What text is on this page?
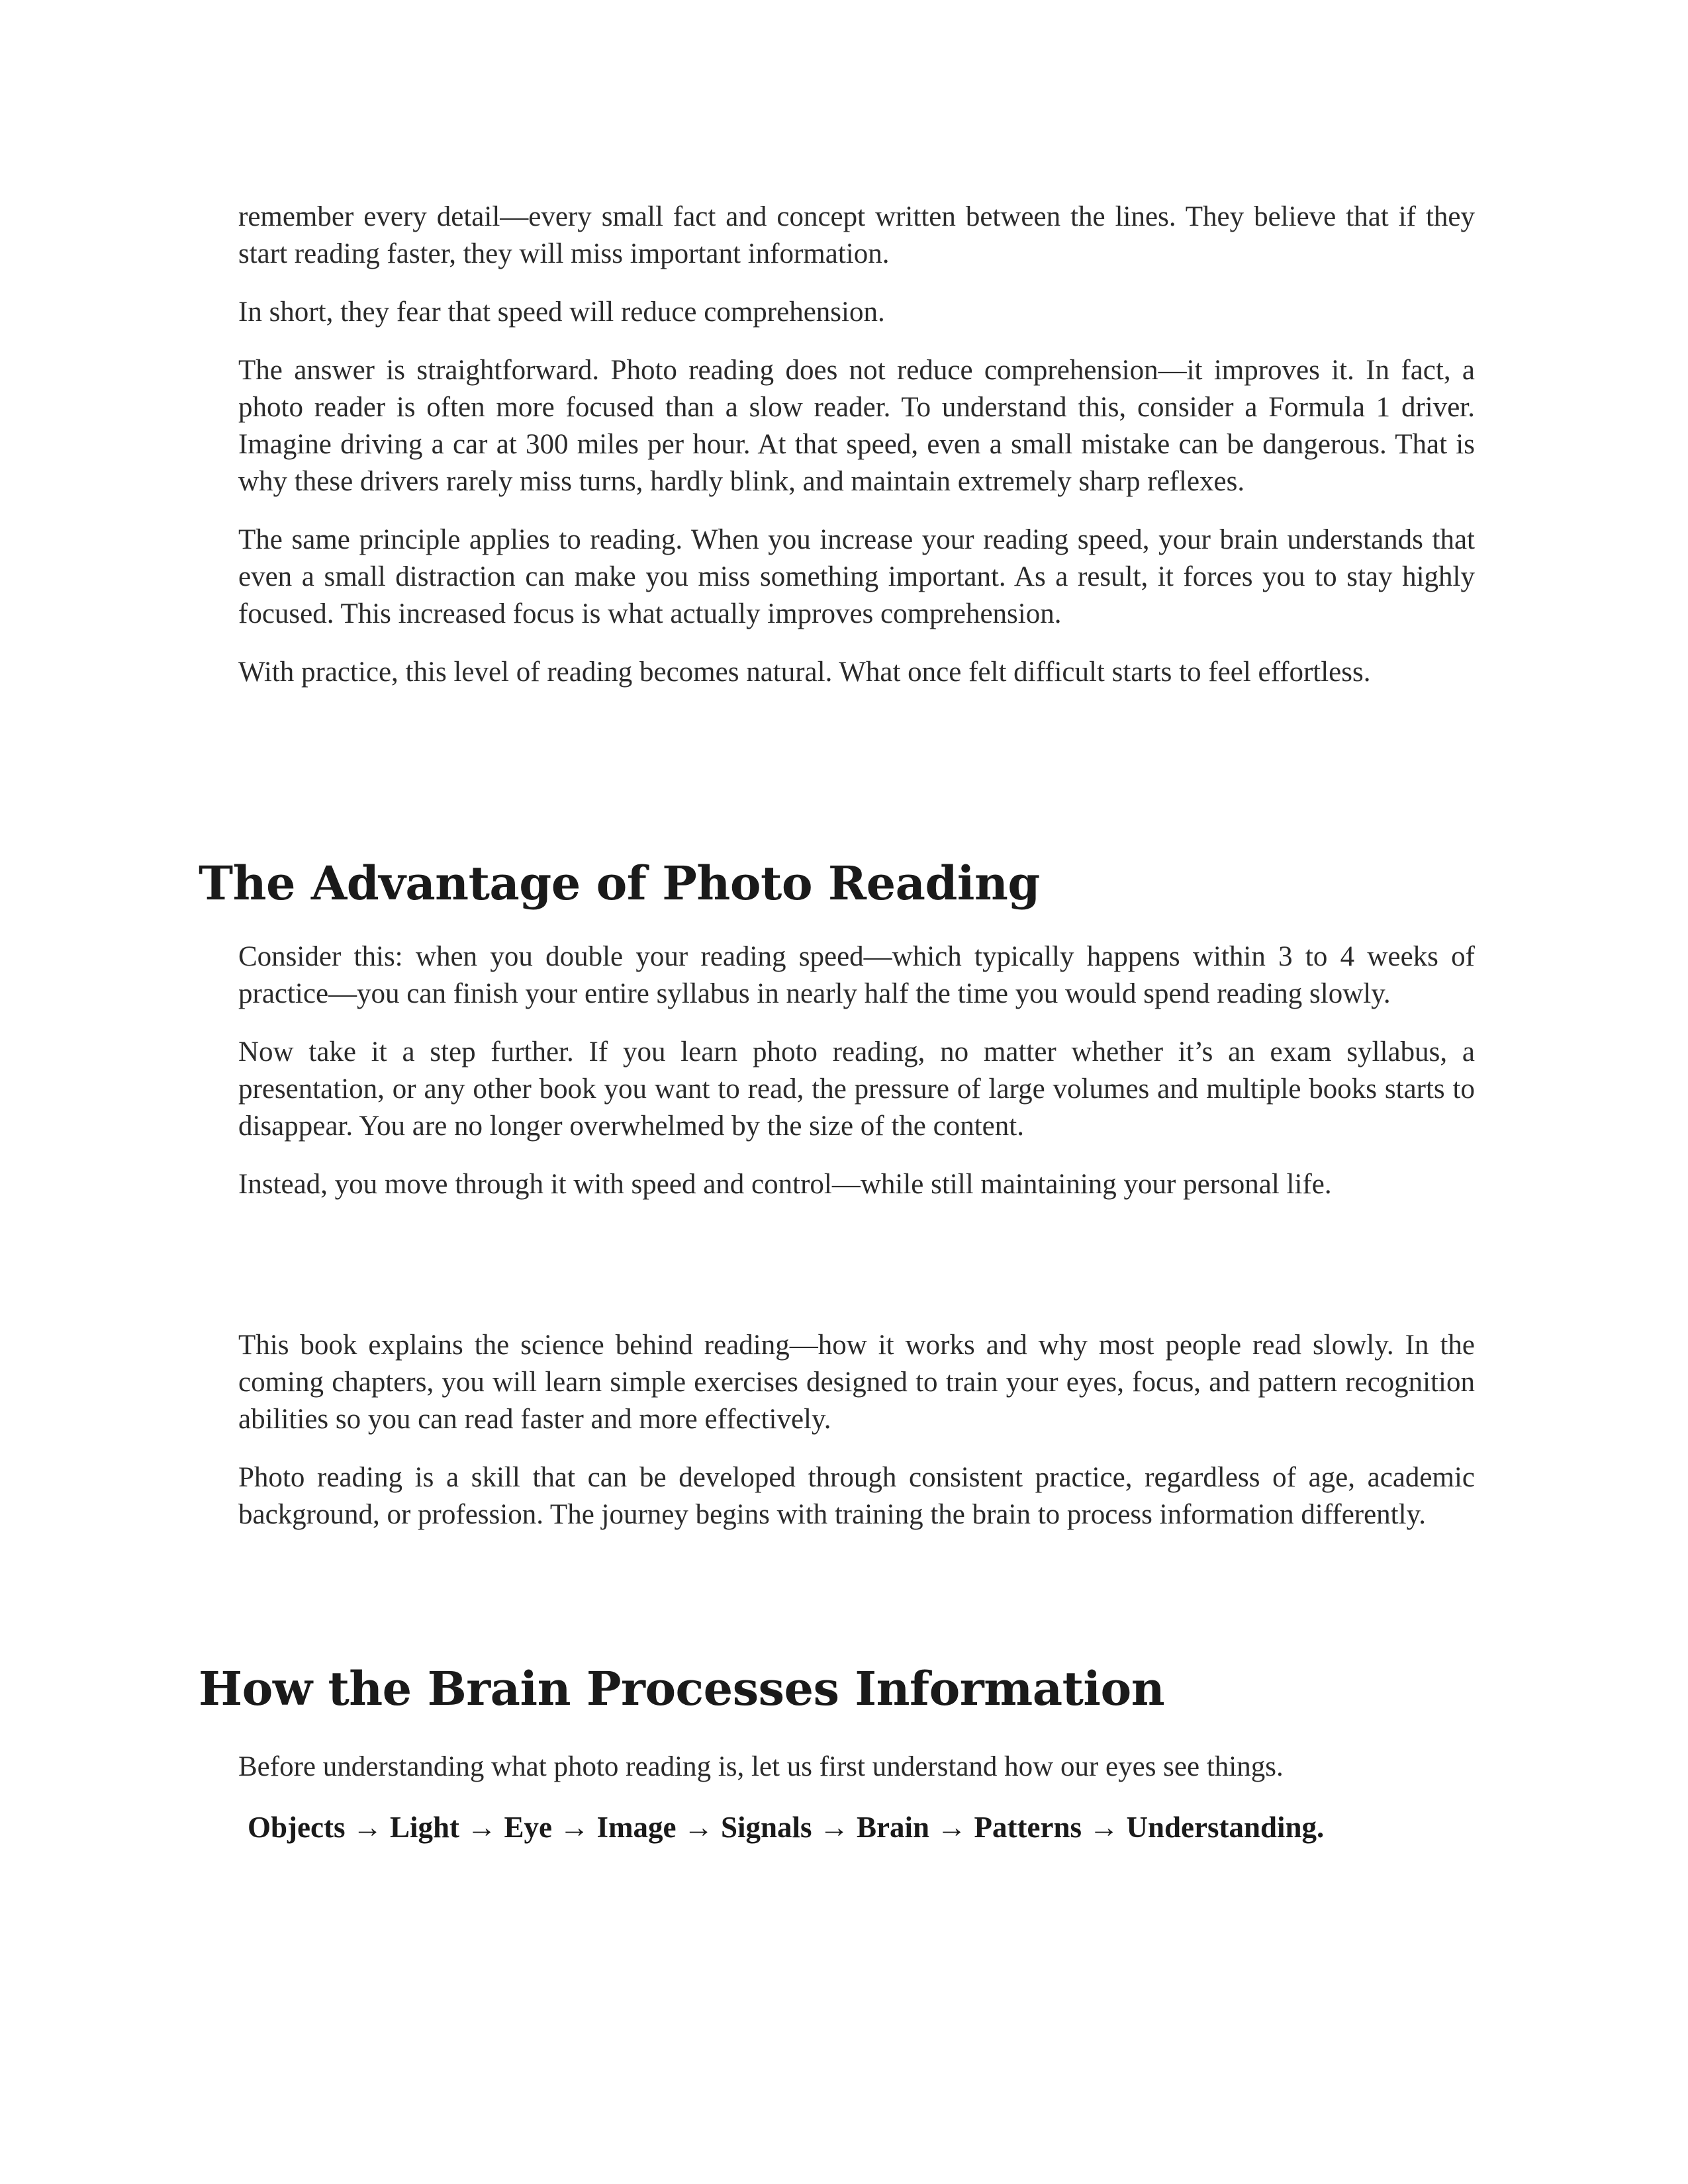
remember every detail—every small fact and concept written between the lines. They believe that if they start reading faster, they will miss important information.

In short, they fear that speed will reduce comprehension.

The answer is straightforward. Photo reading does not reduce comprehension—it improves it. In fact, a photo reader is often more focused than a slow reader. To understand this, consider a Formula 1 driver. Imagine driving a car at 300 miles per hour. At that speed, even a small mistake can be dangerous. That is why these drivers rarely miss turns, hardly blink, and maintain extremely sharp reflexes.

The same principle applies to reading. When you increase your reading speed, your brain understands that even a small distraction can make you miss something important. As a result, it forces you to stay highly focused. This increased focus is what actually improves comprehension.

With practice, this level of reading becomes natural. What once felt difficult starts to feel effortless.

The Advantage of Photo Reading

Consider this: when you double your reading speed—which typically happens within 3 to 4 weeks of practice—you can finish your entire syllabus in nearly half the time you would spend reading slowly.

Now take it a step further. If you learn photo reading, no matter whether it’s an exam syllabus, a presentation, or any other book you want to read, the pressure of large volumes and multiple books starts to disappear. You are no longer overwhelmed by the size of the content.

Instead, you move through it with speed and control—while still maintaining your personal life.

This book explains the science behind reading—how it works and why most people read slowly. In the coming chapters, you will learn simple exercises designed to train your eyes, focus, and pattern recognition abilities so you can read faster and more effectively.

Photo reading is a skill that can be developed through consistent practice, regardless of age, academic background, or profession. The journey begins with training the brain to process information differently.

How the Brain Processes Information

Before understanding what photo reading is, let us first understand how our eyes see things.

Objects → Light → Eye → Image → Signals → Brain → Patterns → Understanding.
